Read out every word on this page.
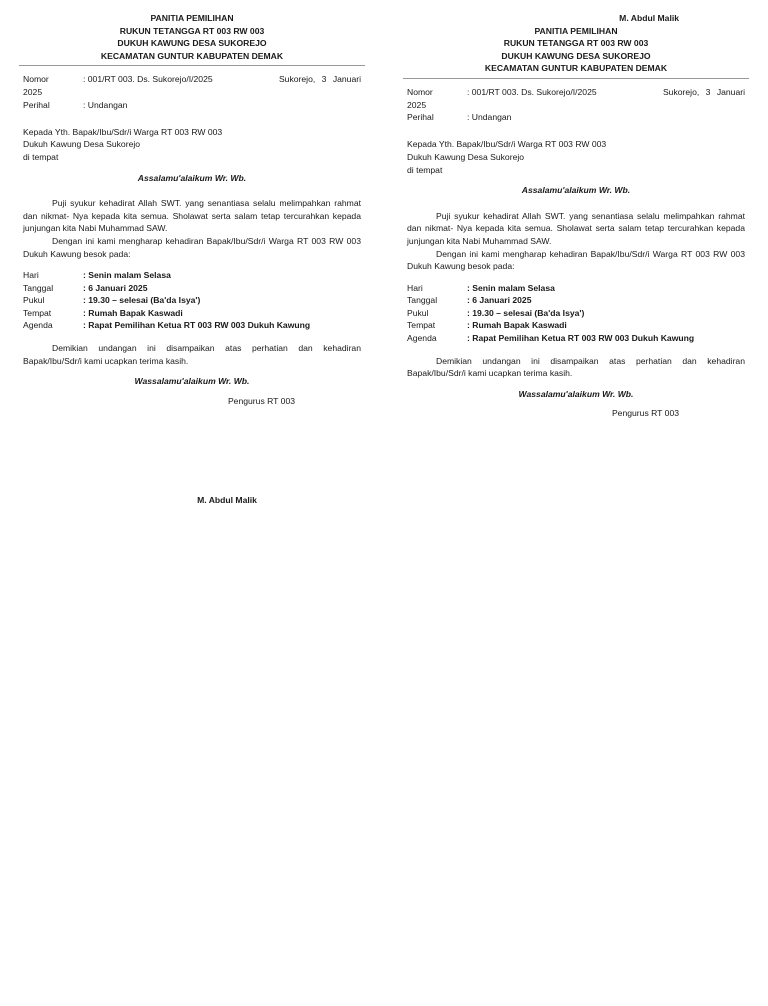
PANITIA PEMILIHAN
RUKUN TETANGGA RT 003 RW 003
DUKUH KAWUNG DESA SUKOREJO
KECAMATAN GUNTUR KABUPATEN DEMAK
Nomor	: 001/RT 003. Ds. Sukorejo/I/2025	Sukorejo, 3 Januari
2025
Perihal	: Undangan
Kepada Yth. Bapak/Ibu/Sdr/i Warga RT 003 RW 003
Dukuh Kawung Desa Sukorejo
di tempat
Assalamu'alaikum Wr. Wb.

Puji syukur kehadirat Allah SWT. yang senantiasa selalu melimpahkan rahmat dan nikmat- Nya kepada kita semua. Sholawat serta salam tetap tercurahkan kepada junjungan kita Nabi Muhammad SAW.

Dengan ini kami mengharap kehadiran Bapak/Ibu/Sdr/i Warga RT 003 RW 003 Dukuh Kawung besok pada:

Hari	: Senin malam Selasa
Tanggal	: 6 Januari 2025
Pukul	: 19.30 – selesai (Ba'da Isya')
Tempat	: Rumah Bapak Kaswadi
Agenda	: Rapat Pemilihan Ketua RT 003 RW 003 Dukuh Kawung

Demikian undangan ini disampaikan atas perhatian dan kehadiran Bapak/Ibu/Sdr/i kami ucapkan terima kasih.

Wassalamu'alaikum Wr. Wb.
Pengurus RT 003
M. Abdul Malik
M. Abdul Malik
PANITIA PEMILIHAN
RUKUN TETANGGA RT 003 RW 003
DUKUH KAWUNG DESA SUKOREJO
KECAMATAN GUNTUR KABUPATEN DEMAK
Nomor	: 001/RT 003. Ds. Sukorejo/I/2025	Sukorejo, 3 Januari
2025
Perihal	: Undangan
Kepada Yth. Bapak/Ibu/Sdr/i Warga RT 003 RW 003
Dukuh Kawung Desa Sukorejo
di tempat
Assalamu'alaikum Wr. Wb.

Puji syukur kehadirat Allah SWT. yang senantiasa selalu melimpahkan rahmat dan nikmat- Nya kepada kita semua. Sholawat serta salam tetap tercurahkan kepada junjungan kita Nabi Muhammad SAW.

Dengan ini kami mengharap kehadiran Bapak/Ibu/Sdr/i Warga RT 003 RW 003 Dukuh Kawung besok pada:

Hari	: Senin malam Selasa
Tanggal	: 6 Januari 2025
Pukul	: 19.30 – selesai (Ba'da Isya')
Tempat	: Rumah Bapak Kaswadi
Agenda	: Rapat Pemilihan Ketua RT 003 RW 003 Dukuh Kawung

Demikian undangan ini disampaikan atas perhatian dan kehadiran Bapak/Ibu/Sdr/i kami ucapkan terima kasih.

Wassalamu'alaikum Wr. Wb.
Pengurus RT 003
